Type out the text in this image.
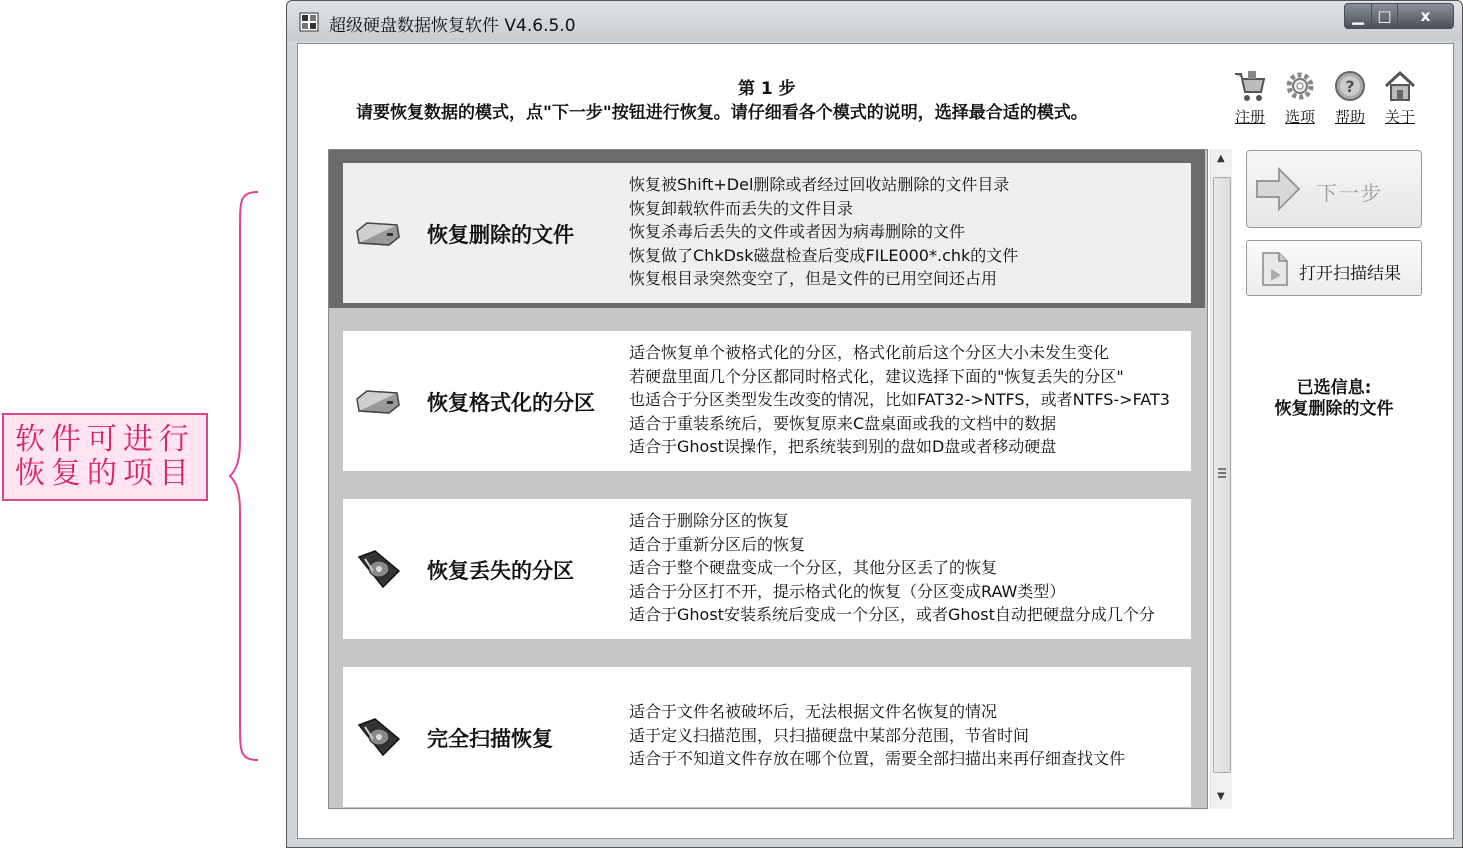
软件可进行
恢复的项目
超级硬盘数据恢复软件 V4.6.5.0	▁ □ x
第 1 步
请要恢复数据的模式，点"下一步"按钮进行恢复。请仔细看各个模式的说明，选择最合适的模式。	注册	选项
?
帮助	关于
恢复删除的文件
恢复被Shift+Del删除或者经过回收站删除的文件目录
恢复卸载软件而丢失的文件目录
恢复杀毒后丢失的文件或者因为病毒删除的文件
恢复做了ChkDsk磁盘检查后变成FILE000*.chk的文件
恢复根目录突然变空了，但是文件的已用空间还占用
恢复格式化的分区
适合恢复单个被格式化的分区，格式化前后这个分区大小未发生变化
若硬盘里面几个分区都同时格式化，建议选择下面的"恢复丢失的分区"
也适合于分区类型发生改变的情况，比如FAT32->NTFS，或者NTFS->FAT3
适合于重装系统后，要恢复原来C盘桌面或我的文档中的数据
适合于Ghost误操作，把系统装到别的盘如D盘或者移动硬盘
恢复丢失的分区
适合于删除分区的恢复
适合于重新分区后的恢复
适合于整个硬盘变成一个分区，其他分区丢了的恢复
适合于分区打不开，提示格式化的恢复（分区变成RAW类型）
适合于Ghost安装系统后变成一个分区，或者Ghost自动把硬盘分成几个分
完全扫描恢复
适合于文件名被破坏后，无法根据文件名恢复的情况
适于定义扫描范围，只扫描硬盘中某部分范围，节省时间
适合于不知道文件存放在哪个位置，需要全部扫描出来再仔细查找文件
▲
▼
下一步
打开扫描结果
已选信息:
恢复删除的文件
